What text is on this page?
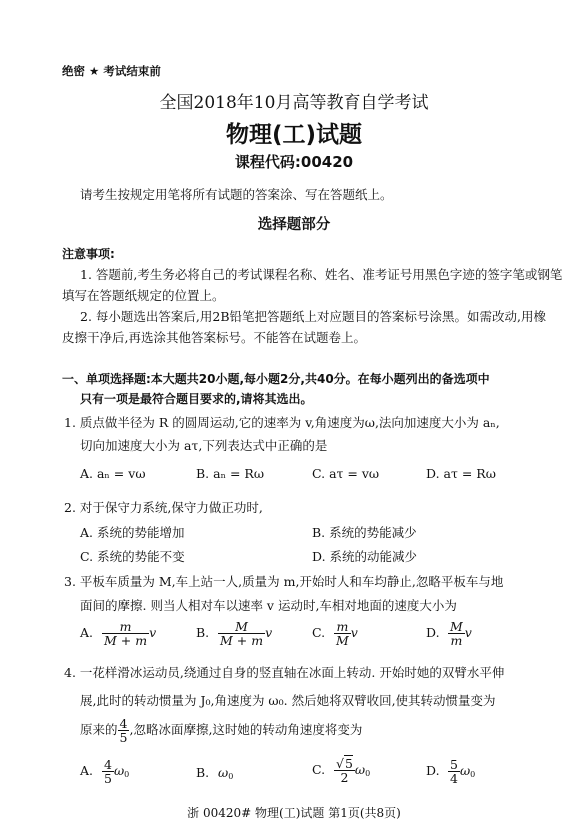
绝密 ★ 考试结束前
全国2018年10月高等教育自学考试
物理(工)试题
课程代码:00420
请考生按规定用笔将所有试题的答案涂、写在答题纸上。
选择题部分
注意事项:
1. 答题前,考生务必将自己的考试课程名称、姓名、准考证号用黑色字迹的签字笔或钢笔
填写在答题纸规定的位置上。
2. 每小题选出答案后,用2B铅笔把答题纸上对应题目的答案标号涂黑。如需改动,用橡
皮擦干净后,再选涂其他答案标号。不能答在试题卷上。
一、单项选择题:本大题共20小题,每小题2分,共40分。在每小题列出的备选项中
只有一项是最符合题目要求的,请将其选出。
1. 质点做半径为 R 的圆周运动,它的速率为 v,角速度为ω,法向加速度大小为 aₙ,
切向加速度大小为 aτ,下列表达式中正确的是
A. aₙ = vω	B. aₙ = Rω	C. aτ = vω	D. aτ = Rω
2. 对于保守力系统,保守力做正功时,
A. 系统的势能增加	B. 系统的势能减少
C. 系统的势能不变	D. 系统的动能减少
3. 平板车质量为 M,车上站一人,质量为 m,开始时人和车均静止,忽略平板车与地
面间的摩擦. 则当人相对车以速率 v 运动时,车相对地面的速度大小为
A. $\frac{m}{M + m}$ v	B. $\frac{M}{M + m}$ v	C. $\frac{m}{M}$ v	D. $\frac{M}{m}$ v
4. 一花样滑冰运动员,绕通过自身的竖直轴在冰面上转动. 开始时她的双臂水平伸
展,此时的转动惯量为 J₀,角速度为 ω₀. 然后她将双臂收回,使其转动惯量变为
原来的 $\frac{4}{5}$ ,忽略冰面摩擦,这时她的转动角速度将变为
A. $\frac{4}{5} \omega_0$	B. $\omega_0$	C. $\frac{√5}{2} \omega_0$	D. $\frac{5}{4} \omega_0$
浙 00420# 物理(工)试题 第1页(共8页)
